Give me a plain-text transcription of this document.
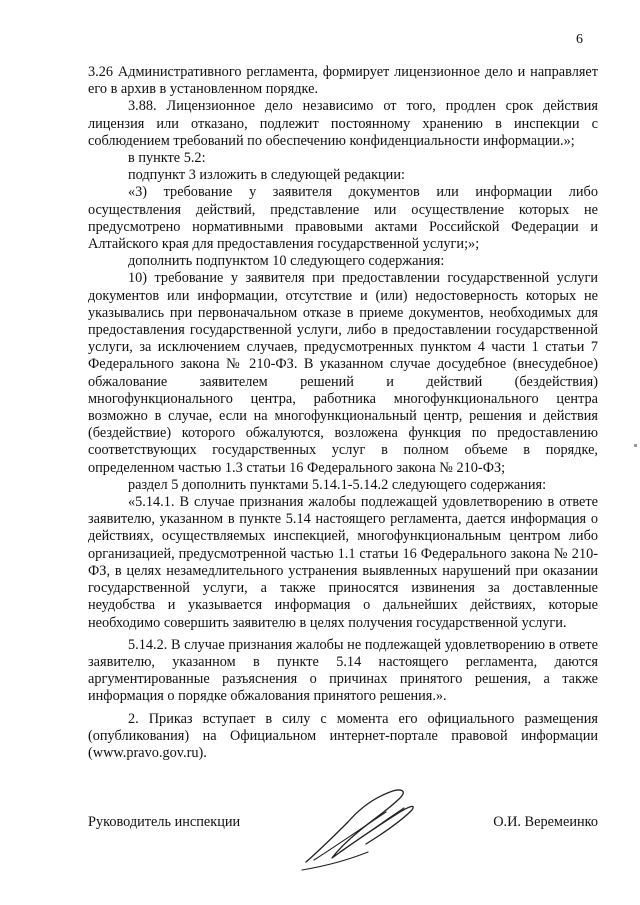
6

3.26 Административного регламента, формирует лицензионное дело и направляет его в архив в установленном порядке.

3.88. Лицензионное дело независимо от того, продлен срок действия лицензия или отказано, подлежит постоянному хранению в инспекции с соблюдением требований по обеспечению конфиденциальности информации.»;

в пункте 5.2:

подпункт 3 изложить в следующей редакции:

«3) требование у заявителя документов или информации либо осуществления действий, представление или осуществление которых не предусмотрено нормативными правовыми актами Российской Федерации и Алтайского края для предоставления государственной услуги;»;

дополнить подпунктом 10 следующего содержания:

10) требование у заявителя при предоставлении государственной услуги документов или информации, отсутствие и (или) недостоверность которых не указывались при первоначальном отказе в приеме документов, необходимых для предоставления государственной услуги, либо в предоставлении государственной услуги, за исключением случаев, предусмотренных пунктом 4 части 1 статьи 7 Федерального закона № 210-ФЗ. В указанном случае досудебное (внесудебное) обжалование заявителем решений и действий (бездействия) многофункционального центра, работника многофункционального центра возможно в случае, если на многофункциональный центр, решения и действия (бездействие) которого обжалуются, возложена функция по предоставлению соответствующих государственных услуг в полном объеме в порядке, определенном частью 1.3 статьи 16 Федерального закона № 210-ФЗ;

раздел 5 дополнить пунктами 5.14.1-5.14.2 следующего содержания:

«5.14.1. В случае признания жалобы подлежащей удовлетворению в ответе заявителю, указанном в пункте 5.14 настоящего регламента, дается информация о действиях, осуществляемых инспекцией, многофункциональным центром либо организацией, предусмотренной частью 1.1 статьи 16 Федерального закона № 210-ФЗ, в целях незамедлительного устранения выявленных нарушений при оказании государственной услуги, а также приносятся извинения за доставленные неудобства и указывается информация о дальнейших действиях, которые необходимо совершить заявителю в целях получения государственной услуги.

5.14.2. В случае признания жалобы не подлежащей удовлетворению в ответе заявителю, указанном в пункте 5.14 настоящего регламента, даются аргументированные разъяснения о причинах принятого решения, а также информация о порядке обжалования принятого решения.».

2. Приказ вступает в силу с момента его официального размещения (опубликования) на Официальном интернет-портале правовой информации (www.pravo.gov.ru).

Руководитель инспекции	О.И. Веремеинко
